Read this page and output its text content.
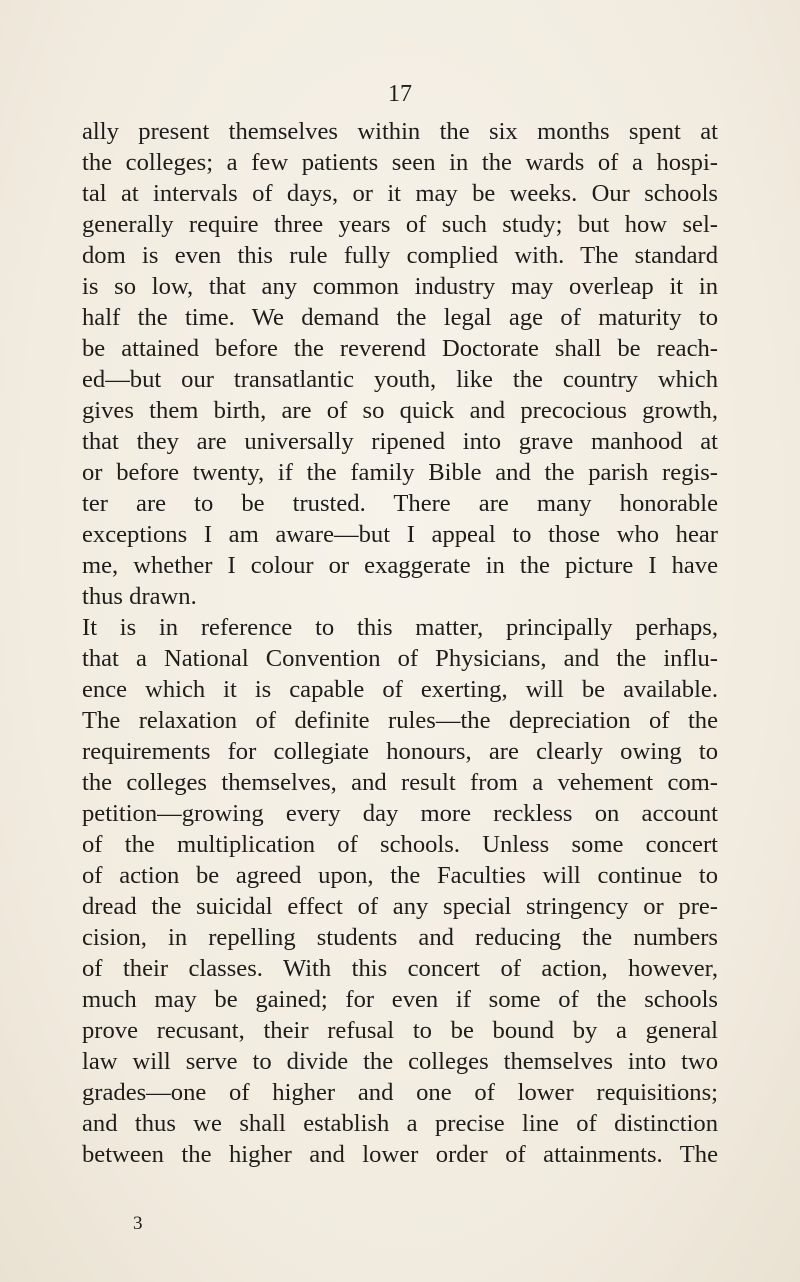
17
ally present themselves within the six months spent at
the colleges; a few patients seen in the wards of a hospi-
tal at intervals of days, or it may be weeks. Our schools
generally require three years of such study; but how sel-
dom is even this rule fully complied with. The standard
is so low, that any common industry may overleap it in
half the time. We demand the legal age of maturity to
be attained before the reverend Doctorate shall be reach-
ed—but our transatlantic youth, like the country which
gives them birth, are of so quick and precocious growth,
that they are universally ripened into grave manhood at
or before twenty, if the family Bible and the parish regis-
ter are to be trusted. There are many honorable
exceptions I am aware—but I appeal to those who hear
me, whether I colour or exaggerate in the picture I have
thus drawn.
It is in reference to this matter, principally perhaps,
that a National Convention of Physicians, and the influ-
ence which it is capable of exerting, will be available.
The relaxation of definite rules—the depreciation of the
requirements for collegiate honours, are clearly owing to
the colleges themselves, and result from a vehement com-
petition—growing every day more reckless on account
of the multiplication of schools. Unless some concert
of action be agreed upon, the Faculties will continue to
dread the suicidal effect of any special stringency or pre-
cision, in repelling students and reducing the numbers
of their classes. With this concert of action, however,
much may be gained; for even if some of the schools
prove recusant, their refusal to be bound by a general
law will serve to divide the colleges themselves into two
grades—one of higher and one of lower requisitions;
and thus we shall establish a precise line of distinction
between the higher and lower order of attainments. The
3
